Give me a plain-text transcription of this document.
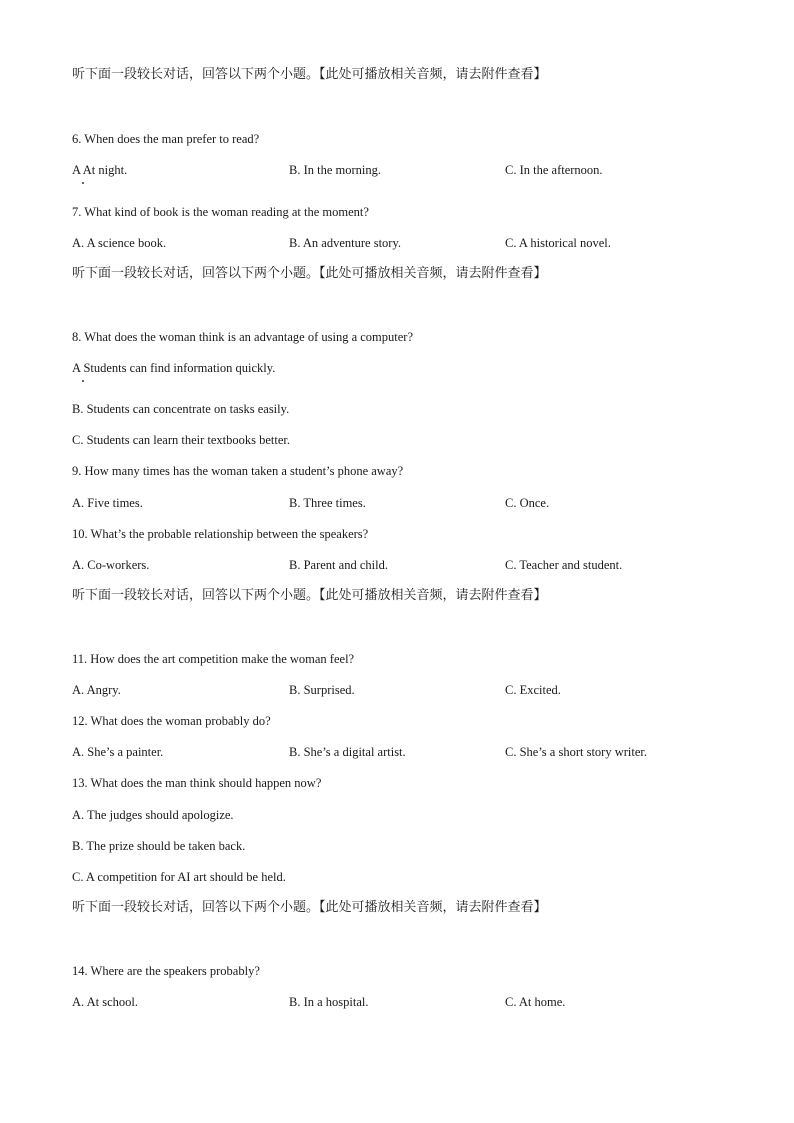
听下面一段较长对话，回答以下两个小题。【此处可播放相关音频，请去附件查看】
6. When does the man prefer to read?
A At night.	B. In the morning.	C. In the afternoon.
7. What kind of book is the woman reading at the moment?
A. A science book.	B. An adventure story.	C. A historical novel.
听下面一段较长对话，回答以下两个小题。【此处可播放相关音频，请去附件查看】
8. What does the woman think is an advantage of using a computer?
A Students can find information quickly.
B. Students can concentrate on tasks easily.
C. Students can learn their textbooks better.
9. How many times has the woman taken a student’s phone away?
A. Five times.	B. Three times.	C. Once.
10. What’s the probable relationship between the speakers?
A. Co-workers.	B. Parent and child.	C. Teacher and student.
听下面一段较长对话，回答以下两个小题。【此处可播放相关音频，请去附件查看】
11. How does the art competition make the woman feel?
A. Angry.	B. Surprised.	C. Excited.
12. What does the woman probably do?
A. She’s a painter.	B. She’s a digital artist.	C. She’s a short story writer.
13. What does the man think should happen now?
A. The judges should apologize.
B. The prize should be taken back.
C. A competition for AI art should be held.
听下面一段较长对话，回答以下两个小题。【此处可播放相关音频，请去附件查看】
14. Where are the speakers probably?
A. At school.	B. In a hospital.	C. At home.
